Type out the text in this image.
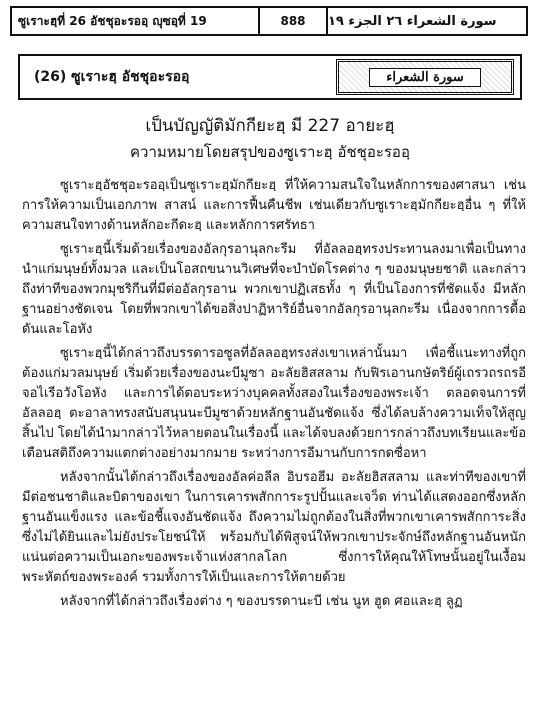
ซูเราะฮฺที่ 26 อัชชุอะรออฺ ญุซอฺที่ 19	888	سورة الشعراء ٢٦ الجزء ١٩
(26) ซูเราะฮฺ อัชชุอะรออฺ	سورة الشعراء
เป็นบัญญัติมักกียะฮฺ มี 227 อายะฮฺ
ความหมายโดยสรุปของซูเราะฮฺ อัชชุอะรออฺ

ซูเราะฮฺอัชชุอะรออฺเป็นซูเราะฮฺมักกียะฮฺ ที่ให้ความสนใจในหลักการของศาสนา เช่น การให้ความเป็นเอกภาพ สาสน์ และการฟื้นคืนชีพ เช่นเดียวกับซูเราะฮฺมักกียะฮฺอื่น ๆ ที่ให้ความสนใจทางด้านหลักอะกีดะฮฺ และหลักการศรัทธา

ซูเราะฮฺนี้เริ่มด้วยเรื่องของอัลกุรอานุลกะรีม ที่อัลลอฮฺทรงประทานลงมาเพื่อเป็นทางนำแก่มนุษย์ทั้งมวล และเป็นโอสถขนานวิเศษที่จะบำบัดโรคต่าง ๆ ของมนุษยชาติ และกล่าวถึงท่าทีของพวกมุชริกีนที่มีต่ออัลกุรอาน พวกเขาปฏิเสธทั้ง ๆ ที่เป็นโองการที่ชัดแจ้ง มีหลักฐานอย่างชัดเจน โดยที่พวกเขาได้ขอสิ่งปาฏิหาริย์อื่นจากอัลกุรอานุลกะรีม เนื่องจากการดื้อดันและโอหัง

ซูเราะฮฺนี้ได้กล่าวถึงบรรดารอซูลที่อัลลอฮฺทรงส่งเขาเหล่านั้นมา เพื่อชี้แนะทางที่ถูกต้องแก่มวลมนุษย์ เริ่มด้วยเรื่องของนะบีมูซา อะลัยฮิสสลาม กับฟิรเอานกษัตริย์ผู้เถรวถรถรอีจอไเรีอวังโอหัง และการได้ตอบระหว่างบุคคลทั้งสองในเรื่องของพระเจ้า ตลอดจนการที่อัลลอฮฺ ตะอาลาทรงสนับสนุนนะบีมูซาด้วยหลักฐานอันชัดแจ้ง ซึ่งได้ลบล้างความเท็จให้สูญสิ้นไป โดยได้นำมากล่าวไว้หลายตอนในเรื่องนี้ และได้จบลงด้วยการกล่าวถึงบทเรียนและข้อเตือนสติถึงความแตกต่างอย่างมากมาย ระหว่างการอีมานกับการกดซื่อหา

หลังจากนั้นได้กล่าวถึงเรื่องของอัลค่อลีล อิบรอฮีม อะลัยฮิสสลาม และท่าทีของเขาที่มีต่อชนชาติและบิดาของเขา ในการเคารพสักการะรูปปั้นและเจว็ด ท่านได้แสดงออกซึ่งหลักฐานอันแข็งแรง และข้อชี้แจงอันชัดแจ้ง ถึงความไม่ถูกต้องในสิ่งที่พวกเขาเคารพสักการะสิ่งซึ่งไม่ได้ยินและไม่ยังประโยชน์ให้ พร้อมกับได้พิสูจน์ให้พวกเขาประจักษ์ถึงหลักฐานอันหนักแน่นต่อความเป็นเอกะของพระเจ้าแห่งสากลโลก ซึ่งการให้คุณให้โทษนั้นอยู่ในเงื้อมพระหัตถ์ของพระองค์ รวมทั้งการให้เป็นและการให้ตายด้วย

หลังจากที่ได้กล่าวถึงเรื่องต่าง ๆ ของบรรดานะบี เช่น นูห ฮูด ศอและฮฺ ลูฏ
